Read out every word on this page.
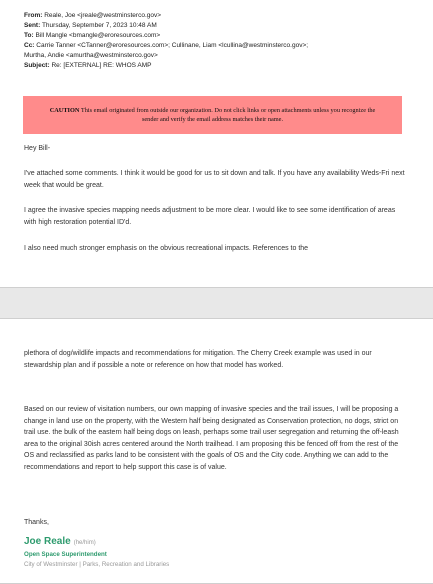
From: Reale, Joe <jreale@westminsterco.gov>
Sent: Thursday, September 7, 2023 10:48 AM
To: Bill Mangle <bmangle@eroresources.com>
Cc: Carrie Tanner <CTanner@eroresources.com>; Cullinane, Liam <lcullina@westminsterco.gov>;
Murtha, Andie <amurtha@westminsterco.gov>
Subject: Re: [EXTERNAL] RE: WHOS AMP
CAUTION This email originated from outside our organization. Do not click links or open attachments unless you recognize the sender and verify the email address matches their name.
Hey Bill-
I've attached some comments. I think it would be good for us to sit down and talk. If you have any availability Weds-Fri next week that would be great.
I agree the invasive species mapping needs adjustment to be more clear. I would like to see some identification of areas with high restoration potential ID'd.
I also need much stronger emphasis on the obvious recreational impacts. References to the
plethora of dog/wildlife impacts and recommendations for mitigation. The Cherry Creek example was used in our stewardship plan and if possible a note or reference on how that model has worked.
Based on our review of visitation numbers, our own mapping of invasive species and the trail issues, I will be proposing a change in land use on the property, with the Western half being designated as Conservation protection, no dogs, strict on trail use. the bulk of the eastern half being dogs on leash, perhaps some trail user segregation and returning the off-leash area to the original 30ish acres centered around the North trailhead. I am proposing this be fenced off from the rest of the OS and reclassified as parks land to be consistent with the goals of OS and the City code. Anything we can add to the recommendations and report to help support this case is of value.
Thanks,
Joe Reale (he/him)
Open Space Superintendent
City of Westminster | Parks, Recreation and Libraries
